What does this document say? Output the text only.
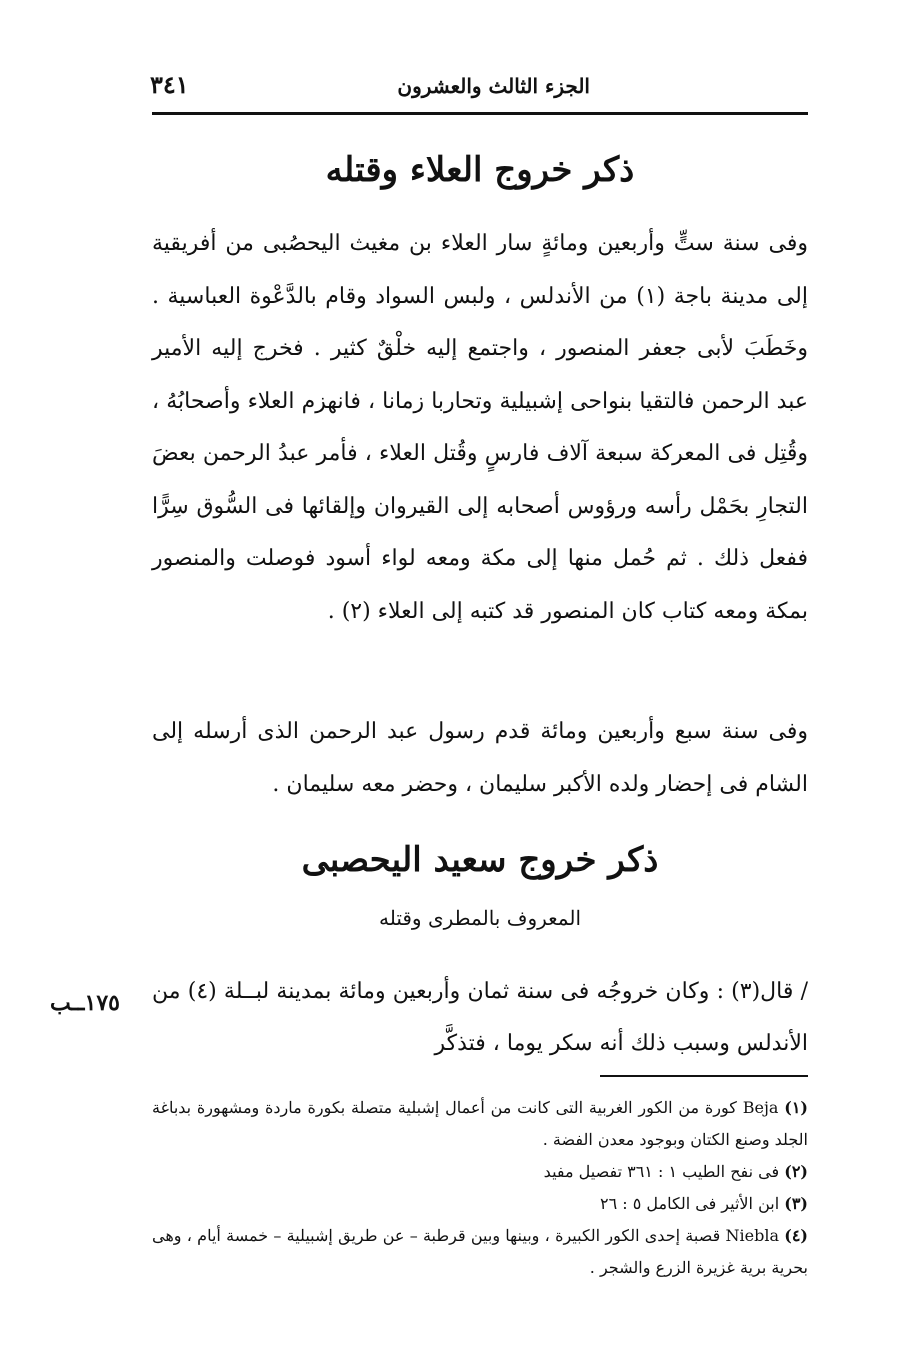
الجزء الثالث والعشرون
٣٤١
ذكر خروج العلاء وقتله
وفى سنة ستٍّ وأربعين ومائةٍ سار العلاء بن مغيث اليحصُبى من أفريقية إلى مدينة باجة (١) من الأندلس ، ولبس السواد وقام بالدَّعْوة العباسية . وخَطَبَ لأبى جعفر المنصور ، واجتمع إليه خلْقٌ كثير . فخرج إليه الأمير عبد الرحمن فالتقيا بنواحى إشبيلية وتحاربا زمانا ، فانهزم العلاء وأصحابُهُ ، وقُتِل فى المعركة سبعة آلاف فارسٍ وقُتل العلاء ، فأمر عبدُ الرحمن بعضَ التجارِ بحَمْل رأسه ورؤوس أصحابه إلى القيروان وإلقائها فى السُّوق سِرًّا ففعل ذلك . ثم حُمل منها إلى مكة ومعه لواء أسود فوصلت والمنصور بمكة ومعه كتاب كان المنصور قد كتبه إلى العلاء (٢) .
وفى سنة سبع وأربعين ومائة قدم رسول عبد الرحمن الذى أرسله إلى الشام فى إحضار ولده الأكبر سليمان ، وحضر معه سليمان .
ذكر خروج سعيد اليحصبى
المعروف بالمطرى وقتله
/ قال(٣) : وكان خروجُه فى سنة ثمان وأربعين ومائة بمدينة لبــلة (٤) من الأندلس وسبب ذلك أنه سكر يوما ، فتذكَّر
١٧٥ــب

(١) Beja كورة من الكور الغربية التى كانت من أعمال إشبلية متصلة بكورة ماردة ومشهورة بدباغة الجلد وصنع الكتان وبوجود معدن الفضة .

(٢) فى نفح الطيب ١ : ٣٦١ تفصيل مفيد

(٣) ابن الأثير فى الكامل ٥ : ٢٦

(٤) Niebla قصبة إحدى الكور الكبيرة ، وبينها وبين قرطبة – عن طريق إشبيلية – خمسة أيام ، وهى بحرية برية غزيرة الزرع والشجر .
